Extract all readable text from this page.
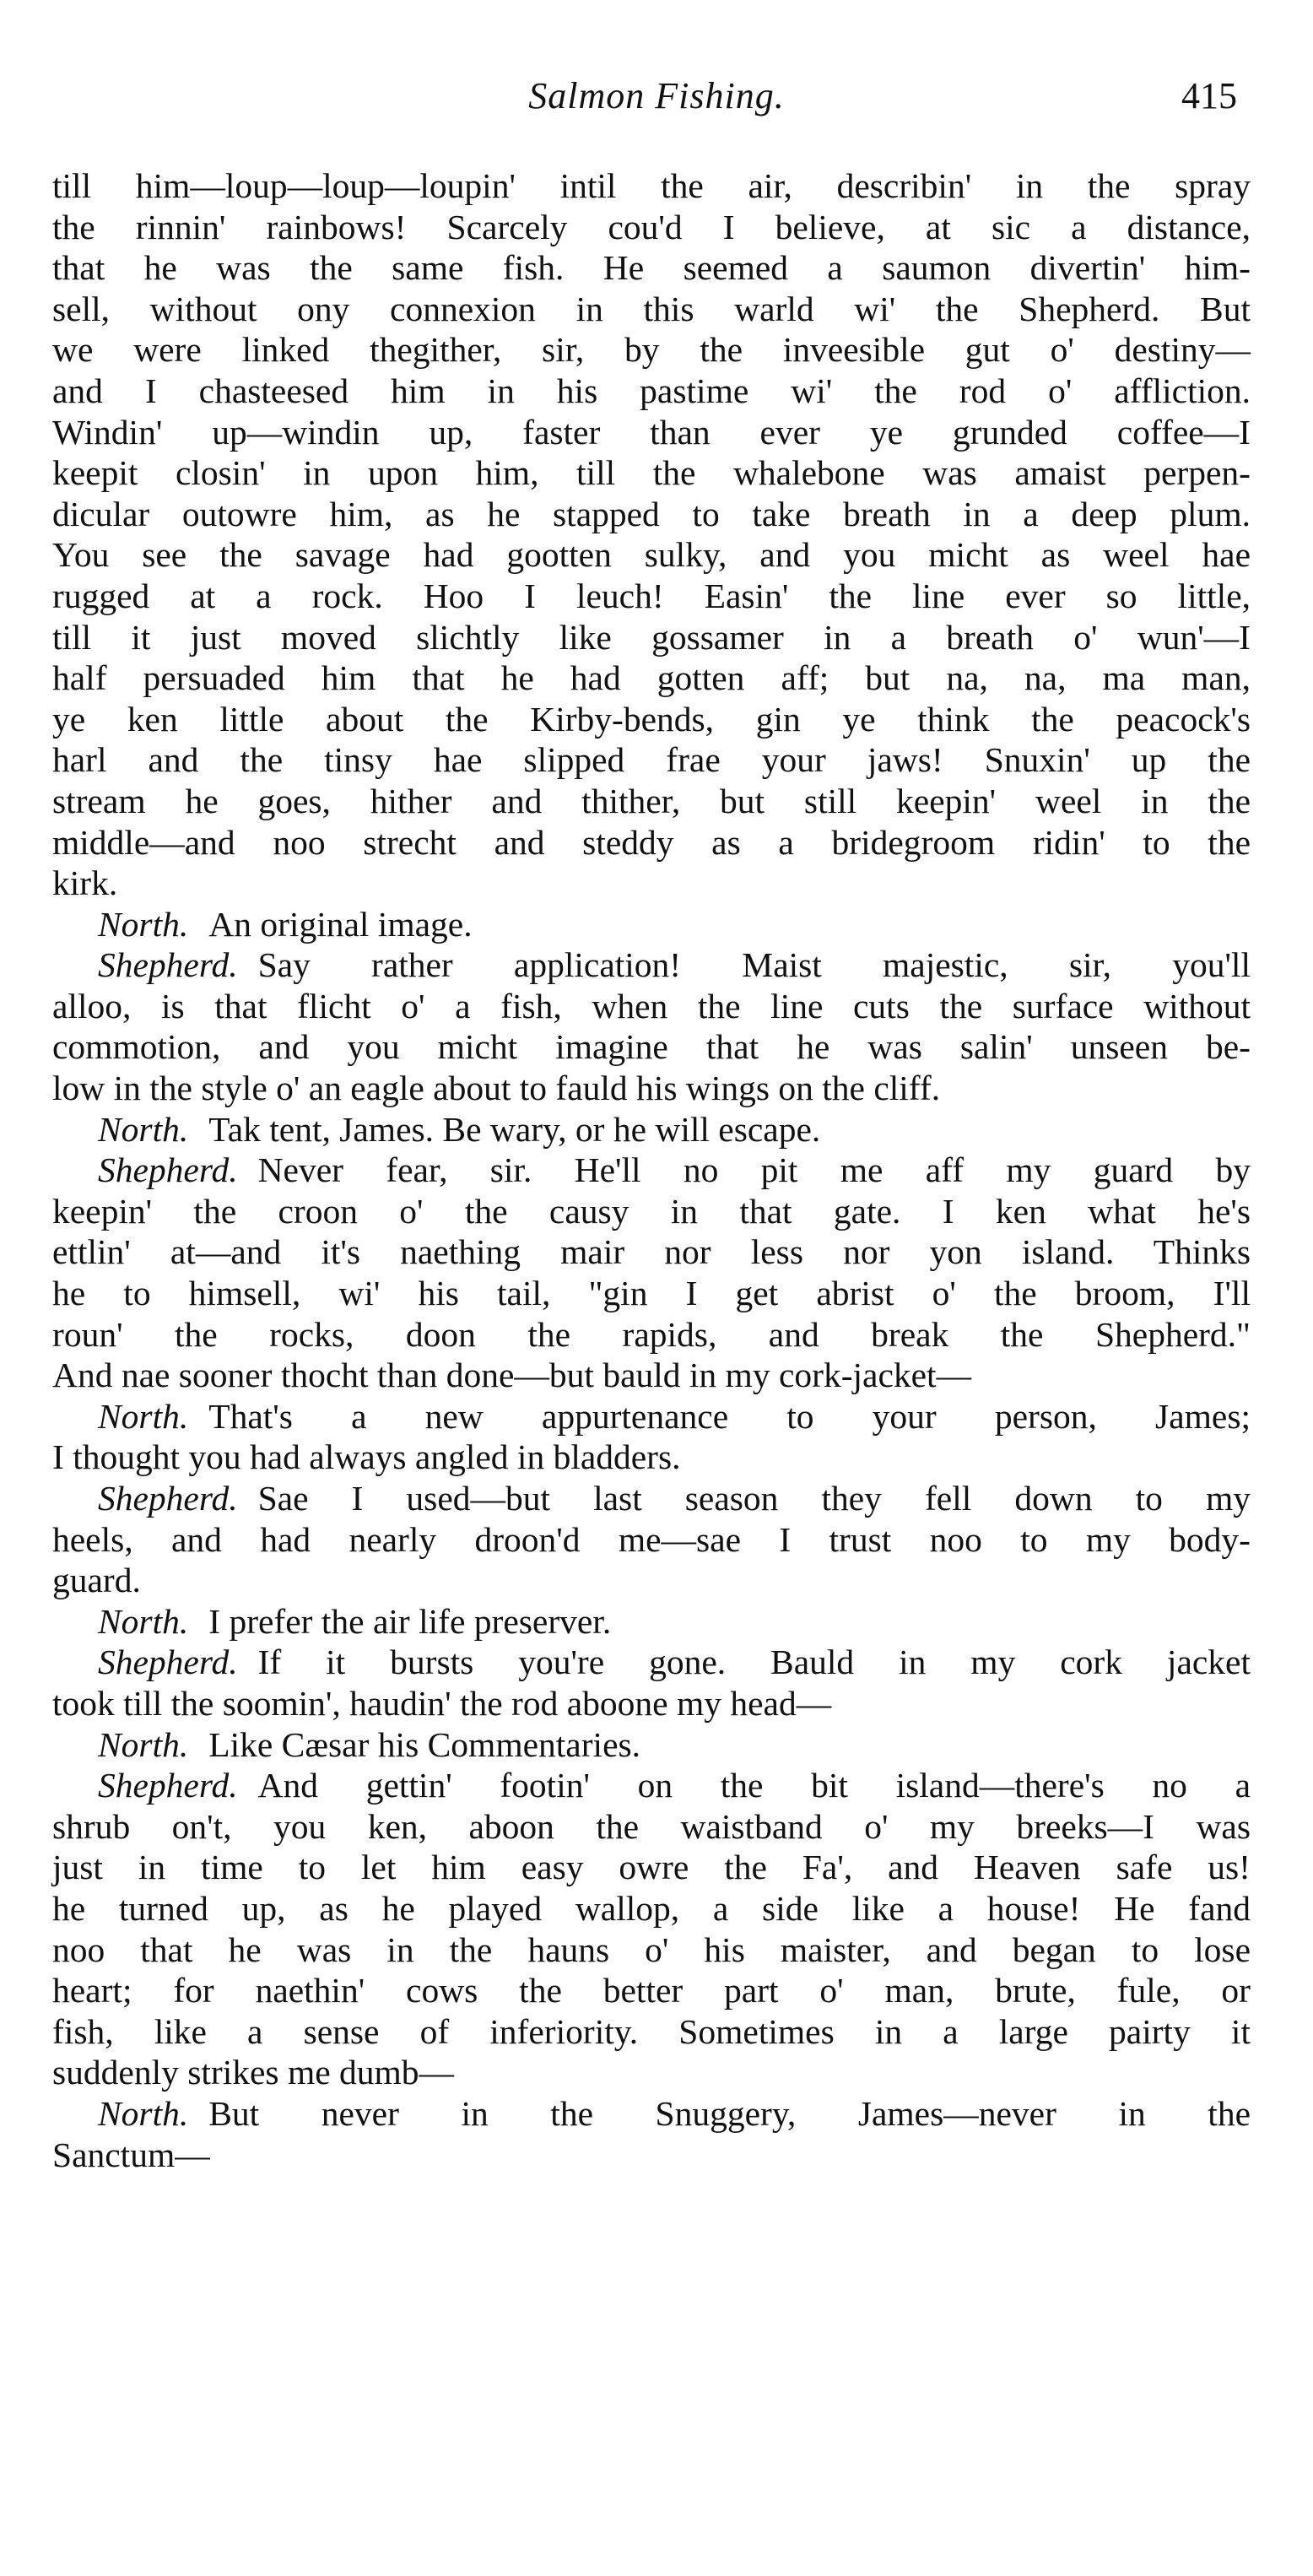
Salmon Fishing.	415
till him—loup—loup—loupin' intil the air, describin' in the spray
the rinnin' rainbows! Scarcely cou'd I believe, at sic a distance,
that he was the same fish. He seemed a saumon divertin' him-
sell, without ony connexion in this warld wi' the Shepherd. But
we were linked thegither, sir, by the inveesible gut o' destiny—
and I chasteesed him in his pastime wi' the rod o' affliction.
Windin' up—windin up, faster than ever ye grunded coffee—I
keepit closin' in upon him, till the whalebone was amaist perpen-
dicular outowre him, as he stapped to take breath in a deep plum.
You see the savage had gootten sulky, and you micht as weel hae
rugged at a rock. Hoo I leuch! Easin' the line ever so little,
till it just moved slichtly like gossamer in a breath o' wun'—I
half persuaded him that he had gotten aff; but na, na, ma man,
ye ken little about the Kirby-bends, gin ye think the peacock's
harl and the tinsy hae slipped frae your jaws! Snuxin' up the
stream he goes, hither and thither, but still keepin' weel in the
middle—and noo strecht and steddy as a bridegroom ridin' to the
kirk.
North. An original image.
Shepherd. Say rather application! Maist majestic, sir, you'll
alloo, is that flicht o' a fish, when the line cuts the surface without
commotion, and you micht imagine that he was salin' unseen be-
low in the style o' an eagle about to fauld his wings on the cliff.
North. Tak tent, James. Be wary, or he will escape.
Shepherd. Never fear, sir. He'll no pit me aff my guard by
keepin' the croon o' the causy in that gate. I ken what he's
ettlin' at—and it's naething mair nor less nor yon island. Thinks
he to himsell, wi' his tail, "gin I get abrist o' the broom, I'll
roun' the rocks, doon the rapids, and break the Shepherd."
And nae sooner thocht than done—but bauld in my cork-jacket—
North. That's a new appurtenance to your person, James;
I thought you had always angled in bladders.
Shepherd. Sae I used—but last season they fell down to my
heels, and had nearly droon'd me—sae I trust noo to my body-
guard.
North. I prefer the air life preserver.
Shepherd. If it bursts you're gone. Bauld in my cork jacket
took till the soomin', haudin' the rod aboone my head—
North. Like Cæsar his Commentaries.
Shepherd. And gettin' footin' on the bit island—there's no a
shrub on't, you ken, aboon the waistband o' my breeks—I was
just in time to let him easy owre the Fa', and Heaven safe us!
he turned up, as he played wallop, a side like a house! He fand
noo that he was in the hauns o' his maister, and began to lose
heart; for naethin' cows the better part o' man, brute, fule, or
fish, like a sense of inferiority. Sometimes in a large pairty it
suddenly strikes me dumb—
North. But never in the Snuggery, James—never in the
Sanctum—
